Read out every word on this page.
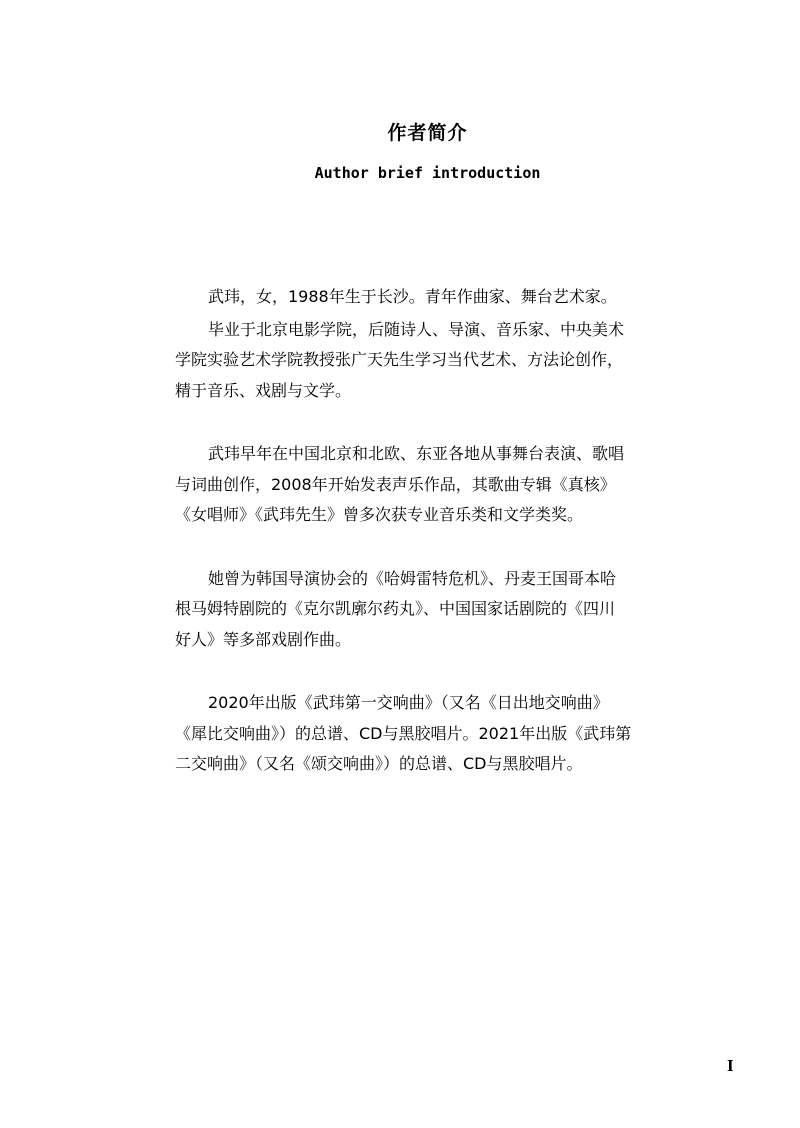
作者简介
Author brief introduction

武玮，女，1988年生于长沙。青年作曲家、舞台艺术家。

毕业于北京电影学院，后随诗人、导演、音乐家、中央美术
学院实验艺术学院教授张广天先生学习当代艺术、方法论创作，
精于音乐、戏剧与文学。

武玮早年在中国北京和北欧、东亚各地从事舞台表演、歌唱
与词曲创作，2008年开始发表声乐作品，其歌曲专辑《真核》
《女唱师》《武玮先生》曾多次获专业音乐类和文学类奖。

她曾为韩国导演协会的《哈姆雷特危机》、丹麦王国哥本哈
根马姆特剧院的《克尔凯廓尔药丸》、中国国家话剧院的《四川
好人》等多部戏剧作曲。

2020年出版《武玮第一交响曲》（又名《日出地交响曲》
《犀比交响曲》）的总谱、CD与黑胶唱片。2021年出版《武玮第
二交响曲》（又名《颂交响曲》）的总谱、CD与黑胶唱片。

I
